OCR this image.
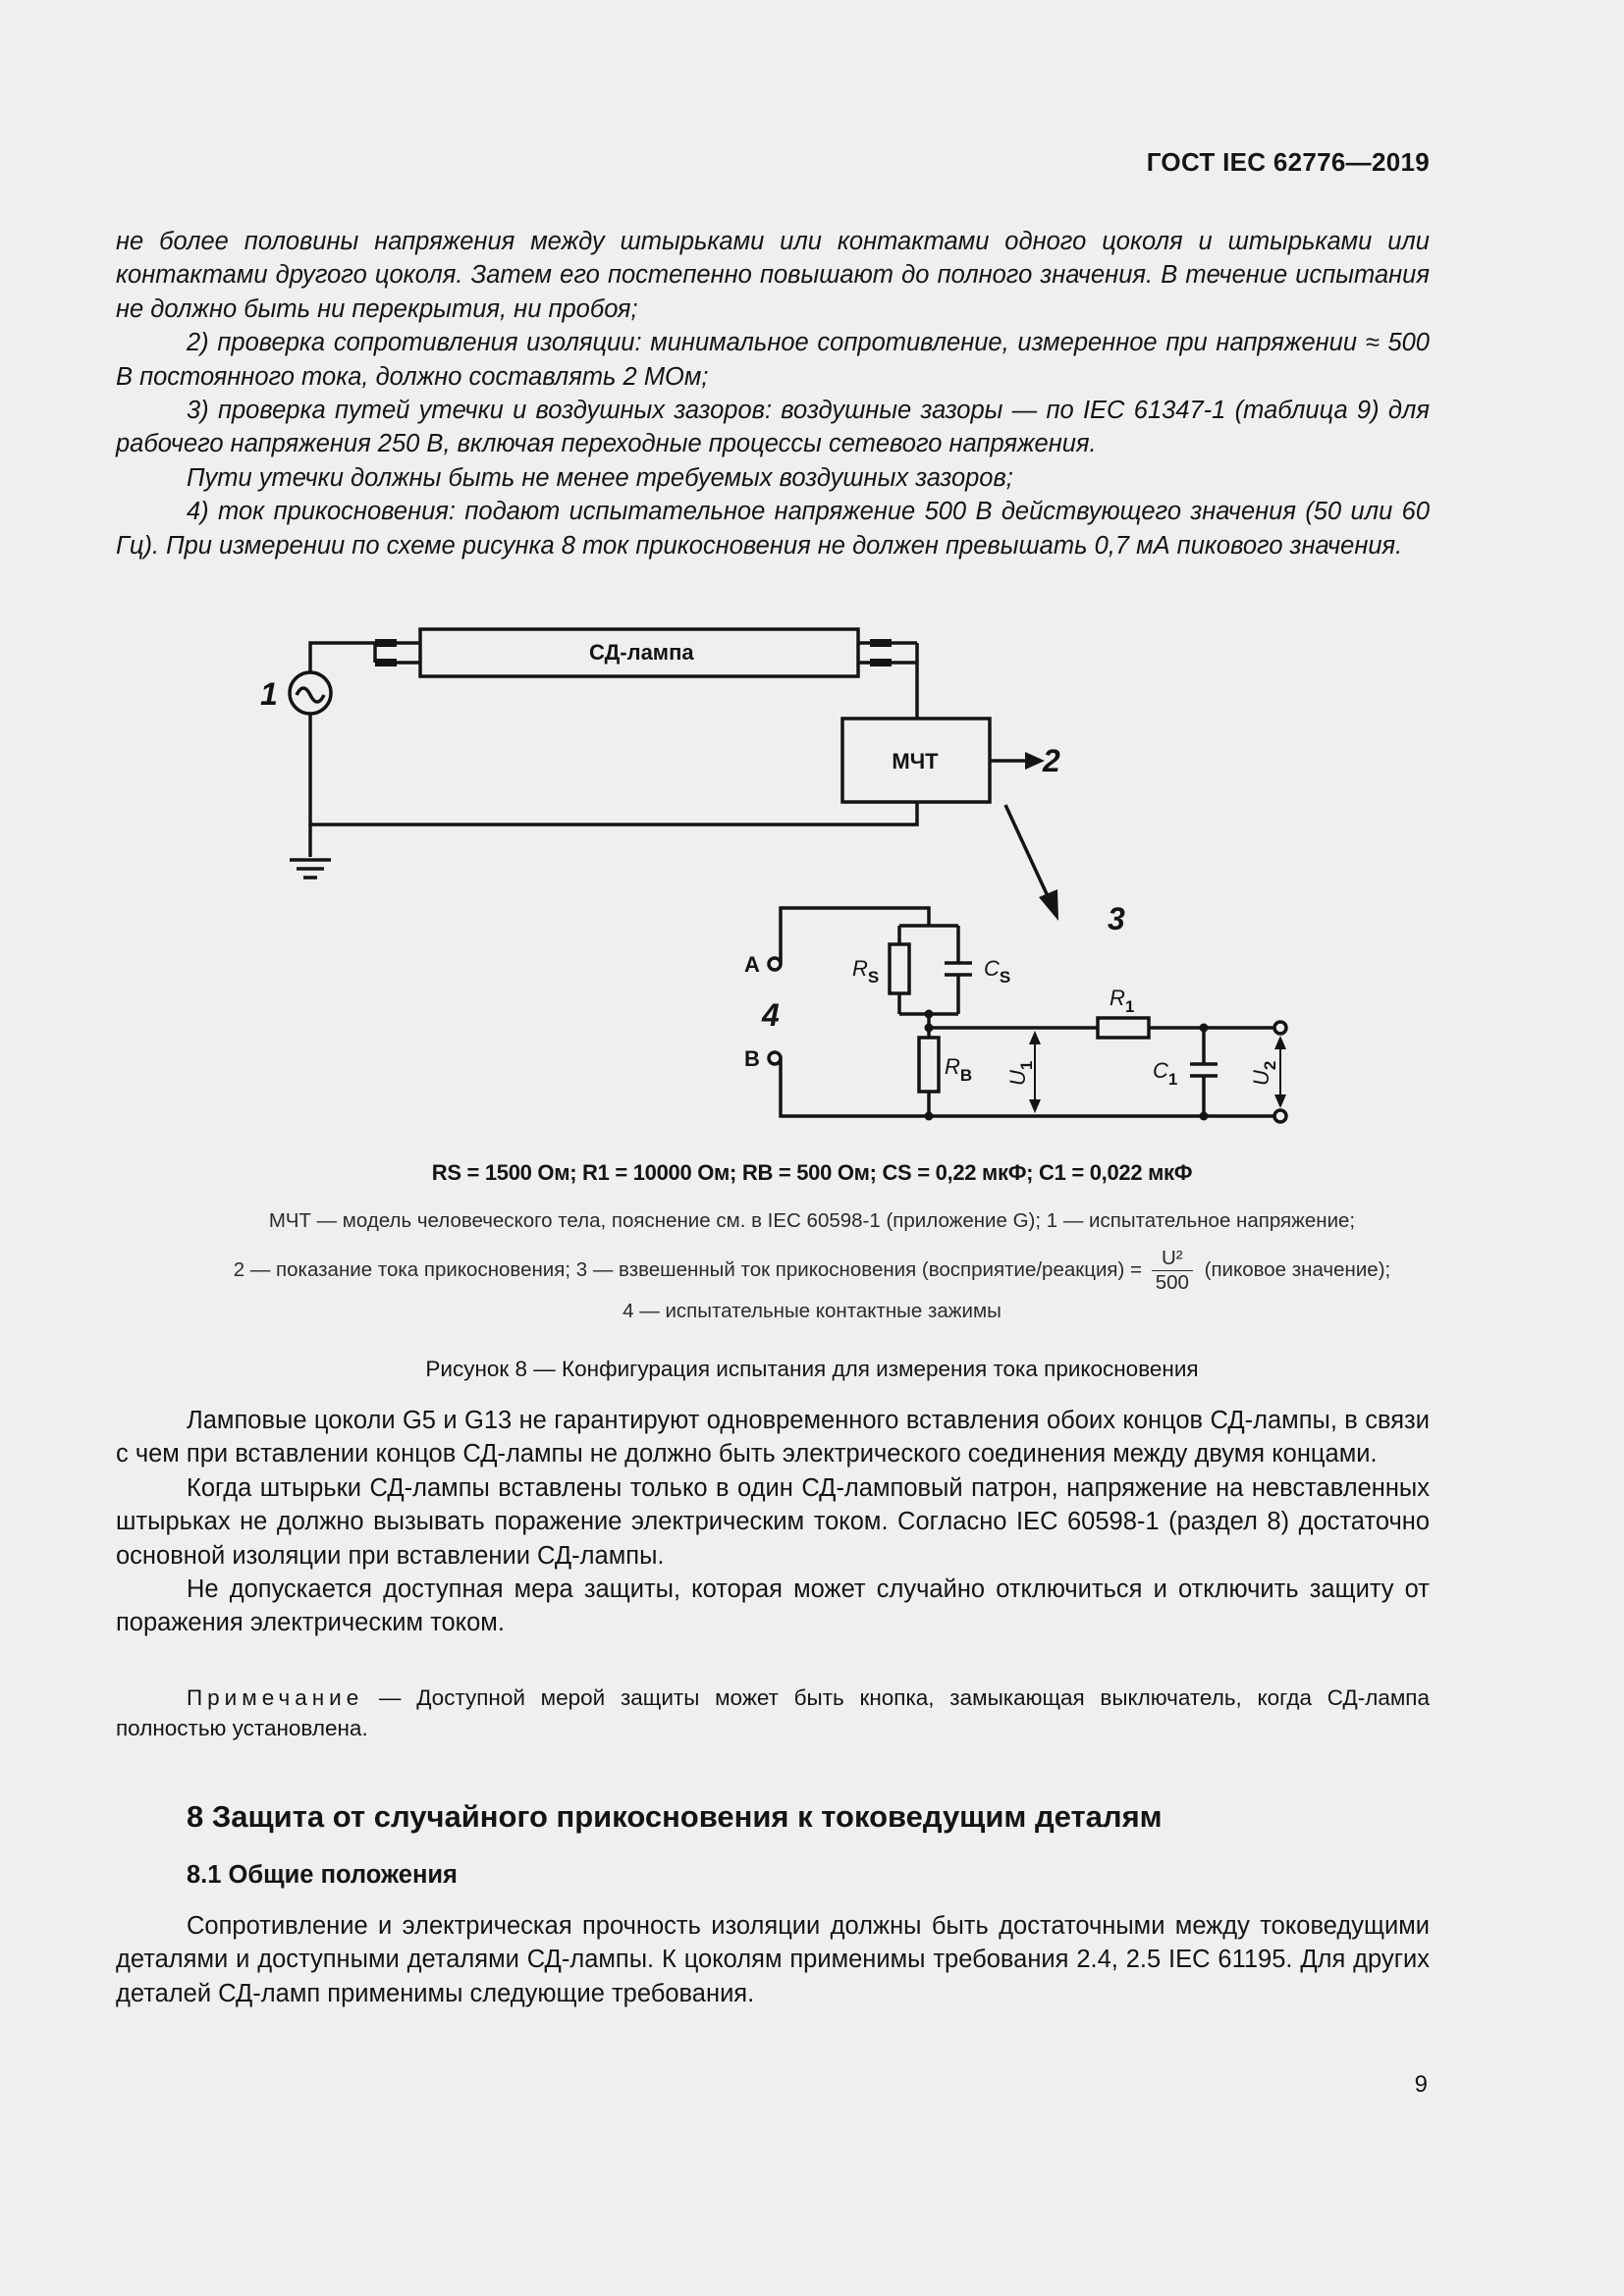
ГОСТ IEC 62776—2019

не более половины напряжения между штырьками или контактами одного цоколя и штырьками или контактами другого цоколя. Затем его постепенно повышают до полного значения. В течение испытания не должно быть ни перекрытия, ни пробоя;

2) проверка сопротивления изоляции: минимальное сопротивление, измеренное при напряжении ≈ 500 В постоянного тока, должно составлять 2 МОм;

3) проверка путей утечки и воздушных зазоров: воздушные зазоры — по IEC 61347-1 (таблица 9) для рабочего напряжения 250 В, включая переходные процессы сетевого напряжения.

Пути утечки должны быть не менее требуемых воздушных зазоров;

4) ток прикосновения: подают испытательное напряжение 500 В действующего значения (50 или 60 Гц). При измерении по схеме рисунка 8 ток прикосновения не должен превышать 0,7 мА пикового значения.

СД-лампа
МЧТ
1
2
3
4
A
B
$R_S$	$C_S$
$R_1$
$R_B$	$C_1$
$U_1$
$U_2$
RS = 1500 Ом; R1 = 10000 Ом; RB = 500 Ом; CS = 0,22 мкФ; C1 = 0,022 мкФ
МЧТ — модель человеческого тела, пояснение см. в IEC 60598-1 (приложение G); 1 — испытательное напряжение;
2 — показание тока прикосновения; 3 — взвешенный ток прикосновения (восприятие/реакция) = $\frac{\text{U²}}{500}$ (пиковое значение);
4 — испытательные контактные зажимы
Рисунок 8 — Конфигурация испытания для измерения тока прикосновения

Ламповые цоколи G5 и G13 не гарантируют одновременного вставления обоих концов СД-лампы, в связи с чем при вставлении концов СД-лампы не должно быть электрического соединения между двумя концами.

Когда штырьки СД-лампы вставлены только в один СД-ламповый патрон, напряжение на невставленных штырьках не должно вызывать поражение электрическим током. Согласно IEC 60598-1 (раздел 8) достаточно основной изоляции при вставлении СД-лампы.

Не допускается доступная мера защиты, которая может случайно отключиться и отключить защиту от поражения электрическим током.

Примечание — Доступной мерой защиты может быть кнопка, замыкающая выключатель, когда СД-лампа полностью установлена.
8 Защита от случайного прикосновения к токоведущим деталям
8.1 Общие положения

Сопротивление и электрическая прочность изоляции должны быть достаточными между токоведущими деталями и доступными деталями СД-лампы. К цоколям применимы требования 2.4, 2.5 IEC 61195. Для других деталей СД-ламп применимы следующие требования.

9
